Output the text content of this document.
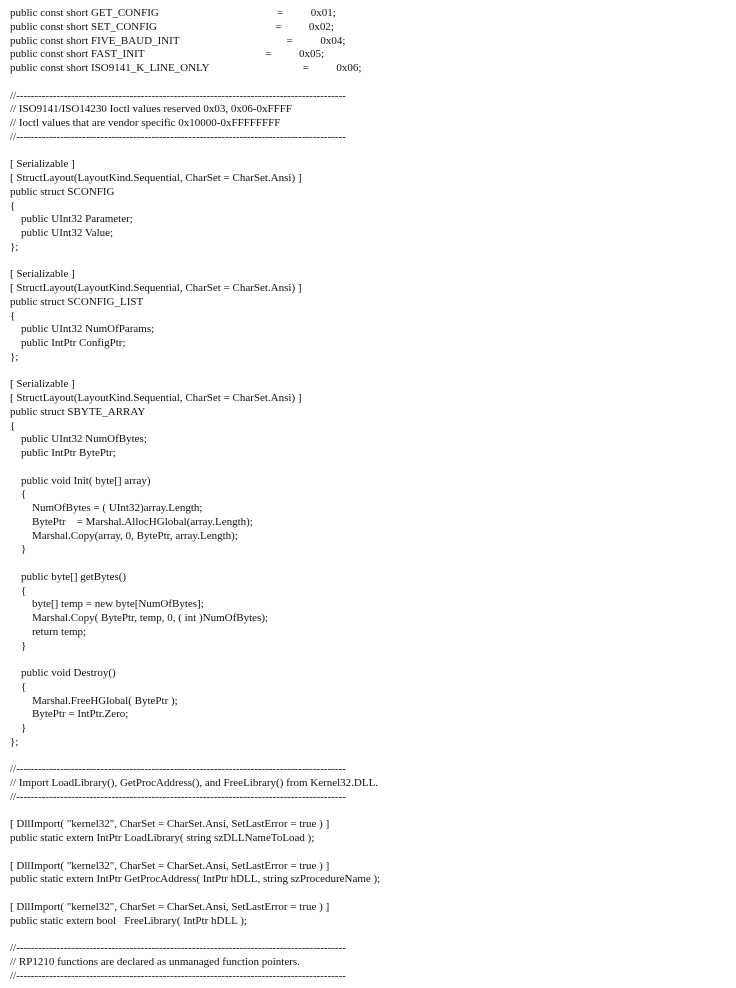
public const short GET_CONFIG                                           =          0x01;
public const short SET_CONFIG                                           =          0x02;
public const short FIVE_BAUD_INIT                                       =          0x04;
public const short FAST_INIT                                            =          0x05;
public const short ISO9141_K_LINE_ONLY                                  =          0x06;
//------------------------------------------------------------------------------------------
// ISO9141/ISO14230 Ioctl values reserved 0x03, 0x06-0xFFFF
// Ioctl values that are vendor specific 0x10000-0xFFFFFFFF
//------------------------------------------------------------------------------------------
[ Serializable ]
[ StructLayout(LayoutKind.Sequential, CharSet = CharSet.Ansi) ]
public struct SCONFIG
{
public UInt32 Parameter;
public UInt32 Value;
};
[ Serializable ]
[ StructLayout(LayoutKind.Sequential, CharSet = CharSet.Ansi) ]
public struct SCONFIG_LIST
{
public UInt32 NumOfParams;
public IntPtr ConfigPtr;
};
[ Serializable ]
[ StructLayout(LayoutKind.Sequential, CharSet = CharSet.Ansi) ]
public struct SBYTE_ARRAY
{
public UInt32 NumOfBytes;
public IntPtr BytePtr;
public void Init( byte[] array)
{
NumOfBytes = ( UInt32)array.Length;
BytePtr    = Marshal.AllocHGlobal(array.Length);
Marshal.Copy(array, 0, BytePtr, array.Length);
}
public byte[] getBytes()
{
byte[] temp = new byte[NumOfBytes];
Marshal.Copy( BytePtr, temp, 0, ( int )NumOfBytes);
return temp;
}
public void Destroy()
{
Marshal.FreeHGlobal( BytePtr );
BytePtr = IntPtr.Zero;
}
};
//------------------------------------------------------------------------------------------
// Import LoadLibrary(), GetProcAddress(), and FreeLibrary() from Kernel32.DLL.
//------------------------------------------------------------------------------------------
[ DllImport( "kernel32", CharSet = CharSet.Ansi, SetLastError = true ) ]
public static extern IntPtr LoadLibrary( string szDLLNameToLoad );
[ DllImport( "kernel32", CharSet = CharSet.Ansi, SetLastError = true ) ]
public static extern IntPtr GetProcAddress( IntPtr hDLL, string szProcedureName );
[ DllImport( "kernel32", CharSet = CharSet.Ansi, SetLastError = true ) ]
public static extern bool   FreeLibrary( IntPtr hDLL );
//------------------------------------------------------------------------------------------
// RP1210 functions are declared as unmanaged function pointers.
//------------------------------------------------------------------------------------------
